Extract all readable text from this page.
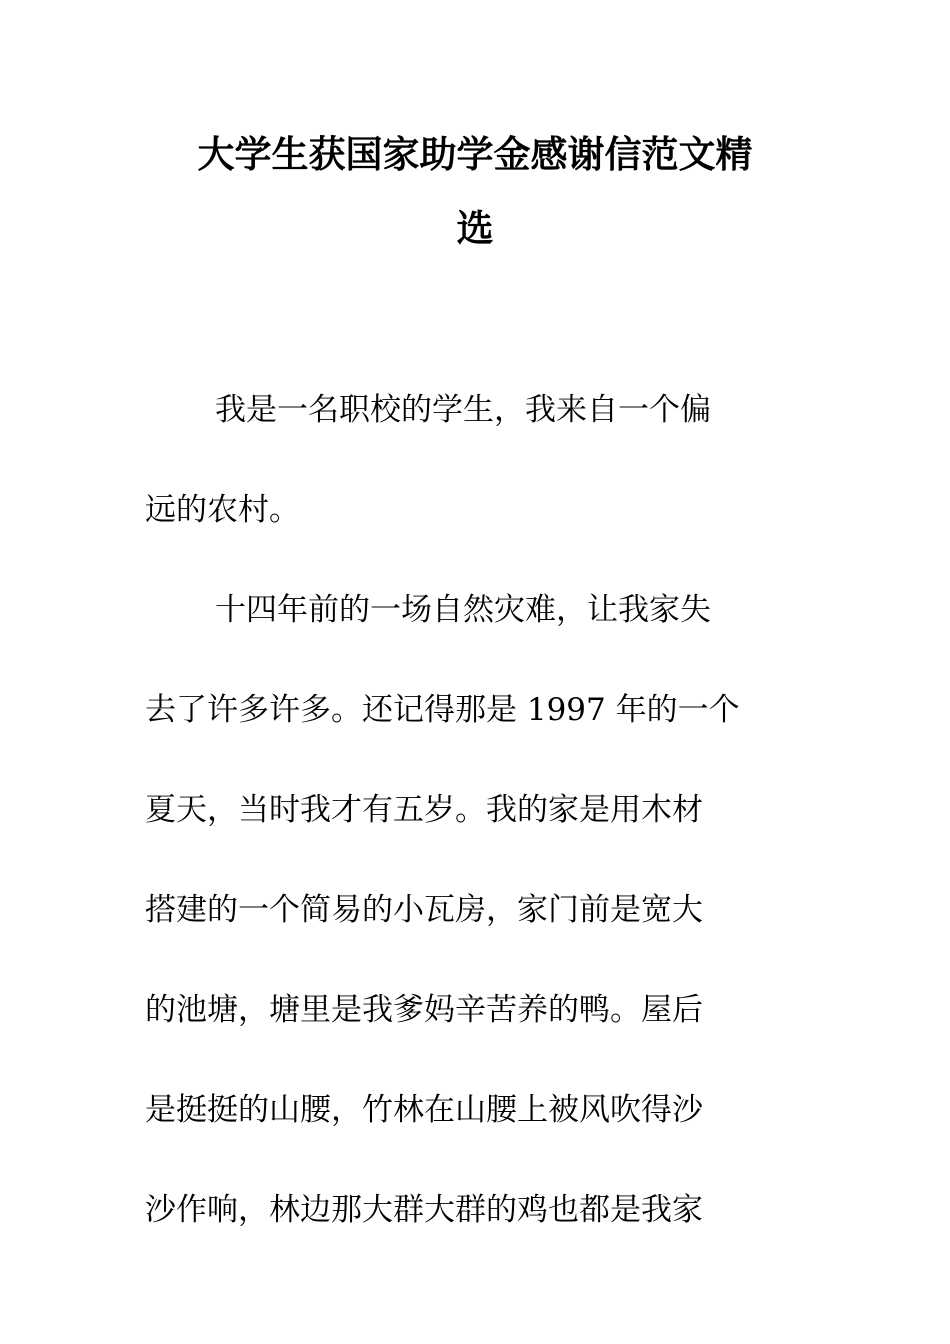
大学生获国家助学金感谢信范文精
选
我是一名职校的学生，我来自一个偏
远的农村。
十四年前的一场自然灾难，让我家失
去了许多许多。还记得那是 1997 年的一个
夏天，当时我才有五岁。我的家是用木材
搭建的一个简易的小瓦房，家门前是宽大
的池塘，塘里是我爹妈辛苦养的鸭。屋后
是挺挺的山腰，竹林在山腰上被风吹得沙
沙作响，林边那大群大群的鸡也都是我家
